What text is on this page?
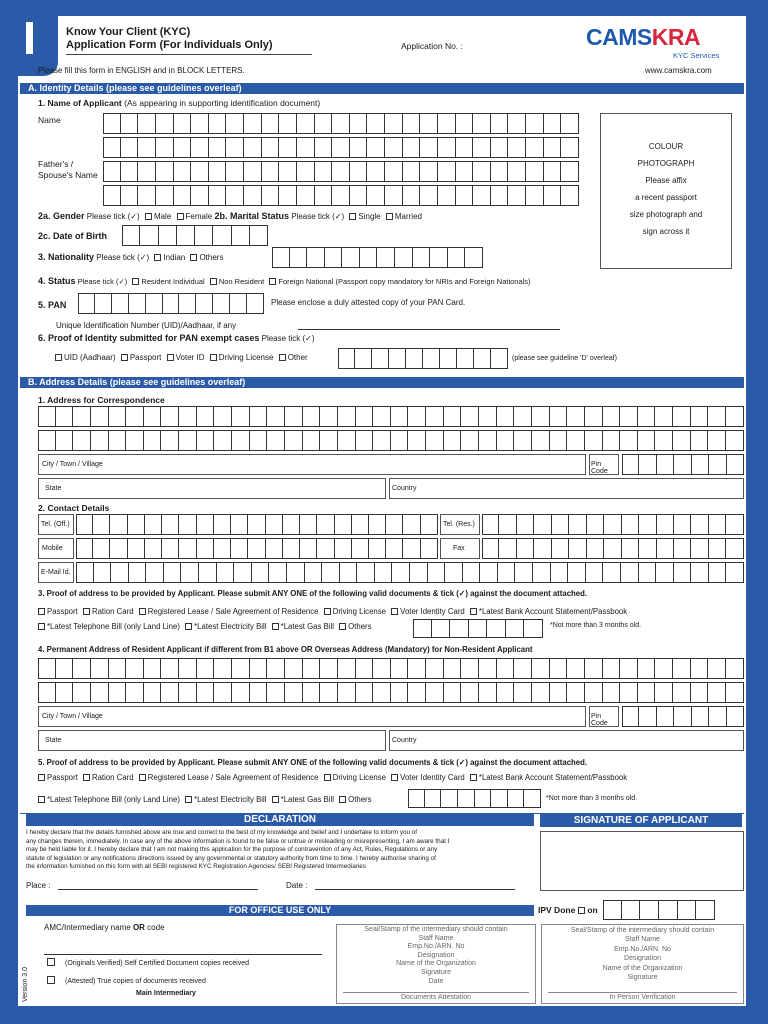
Know Your Client (KYC)
Application Form (For Individuals Only)	Application No. :	CAMSKRA
KYC Services
Please fill this form in ENGLISH and in BLOCK LETTERS.	www.camskra.com
A. Identity Details (please see guidelines overleaf)
1. Name of Applicant (As appearing in supporting identification document)
Name
Father's /
Spouse's Name
COLOUR
PHOTOGRAPH
Please affix
a recent passport
size photograph and
sign across it
2a. Gender Please tick (✓) Male Female 2b. Marital Status Please tick (✓) Single Married
2c. Date of Birth
3. Nationality Please tick (✓) Indian Others
4. Status Please tick (✓) Resident Individual Non Resident Foreign National (Passport copy mandatory for NRIs and Foreign Nationals)
5. PAN	Please enclose a duly attested copy of your PAN Card.
Unique Identification Number (UID)/Aadhaar, if any
6. Proof of Identity submitted for PAN exempt cases Please tick (✓)
UID (Aadhaar) Passport Voter ID Driving License Other	(please see guideline 'D' overleaf)
B. Address Details (please see guidelines overleaf)
1. Address for Correspondence
City / Town / Village	Pin Code
State	Country
2. Contact Details
Tel. (Off.)	Tel. (Res.)
Mobile	Fax
E-Mail Id.
3. Proof of address to be provided by Applicant. Please submit ANY ONE of the following valid documents & tick (✓) against the document attached.
Passport Ration Card Registered Lease / Sale Agreement of Residence Driving License Voter Identity Card *Latest Bank Account Statement/Passbook
*Latest Telephone Bill (only Land Line) *Latest Electricity Bill *Latest Gas Bill Others	*Not more than 3 months old.
4. Permanent Address of Resident Applicant if different from B1 above OR Overseas Address (Mandatory) for Non-Resident Applicant
City / Town / Village	Pin Code
State	Country
5. Proof of address to be provided by Applicant. Please submit ANY ONE of the following valid documents & tick (✓) against the document attached.
Passport Ration Card Registered Lease / Sale Agreement of Residence Driving License Voter Identity Card *Latest Bank Account Statement/Passbook
*Latest Telephone Bill (only Land Line) *Latest Electricity Bill *Latest Gas Bill Others	*Not more than 3 months old.
DECLARATION	SIGNATURE OF APPLICANT
I hereby declare that the details furnished above are true and correct to the best of my knowledge and belief and I undertake to inform you of
any changes therein, immediately. In case any of the above information is found to be false or untrue or misleading or misrepresenting, I am aware that I
may be held liable for it. I hereby declare that I am not making this application for the purpose of contravention of any Act, Rules, Regulations or any
statute of legislation or any notifications directions issued by any governmental or statutory authority from time to time. I hereby authorise sharing of
the information furnished on this form with all SEBI registered KYC Registration Agencies/ SEBI Registered Intermediaries
Place :	Date :
FOR OFFICE USE ONLY	IPV Done on
AMC/Intermediary name OR code
(Originals Verified) Self Certified Document copies received
(Attested) True copies of documents received
Main Intermediary
Version 3.0
Seal/Stamp of the intermediary should contain
Staff Name
Emp.No./ARN. No
Designation
Name of the Organization
Signature
Date
Documents Attestation
Seal/Stamp of the intermediary should contain
Staff Name
Emp.No./ARN. No
Designation
Name of the Organization
Signature
In Person Verification
